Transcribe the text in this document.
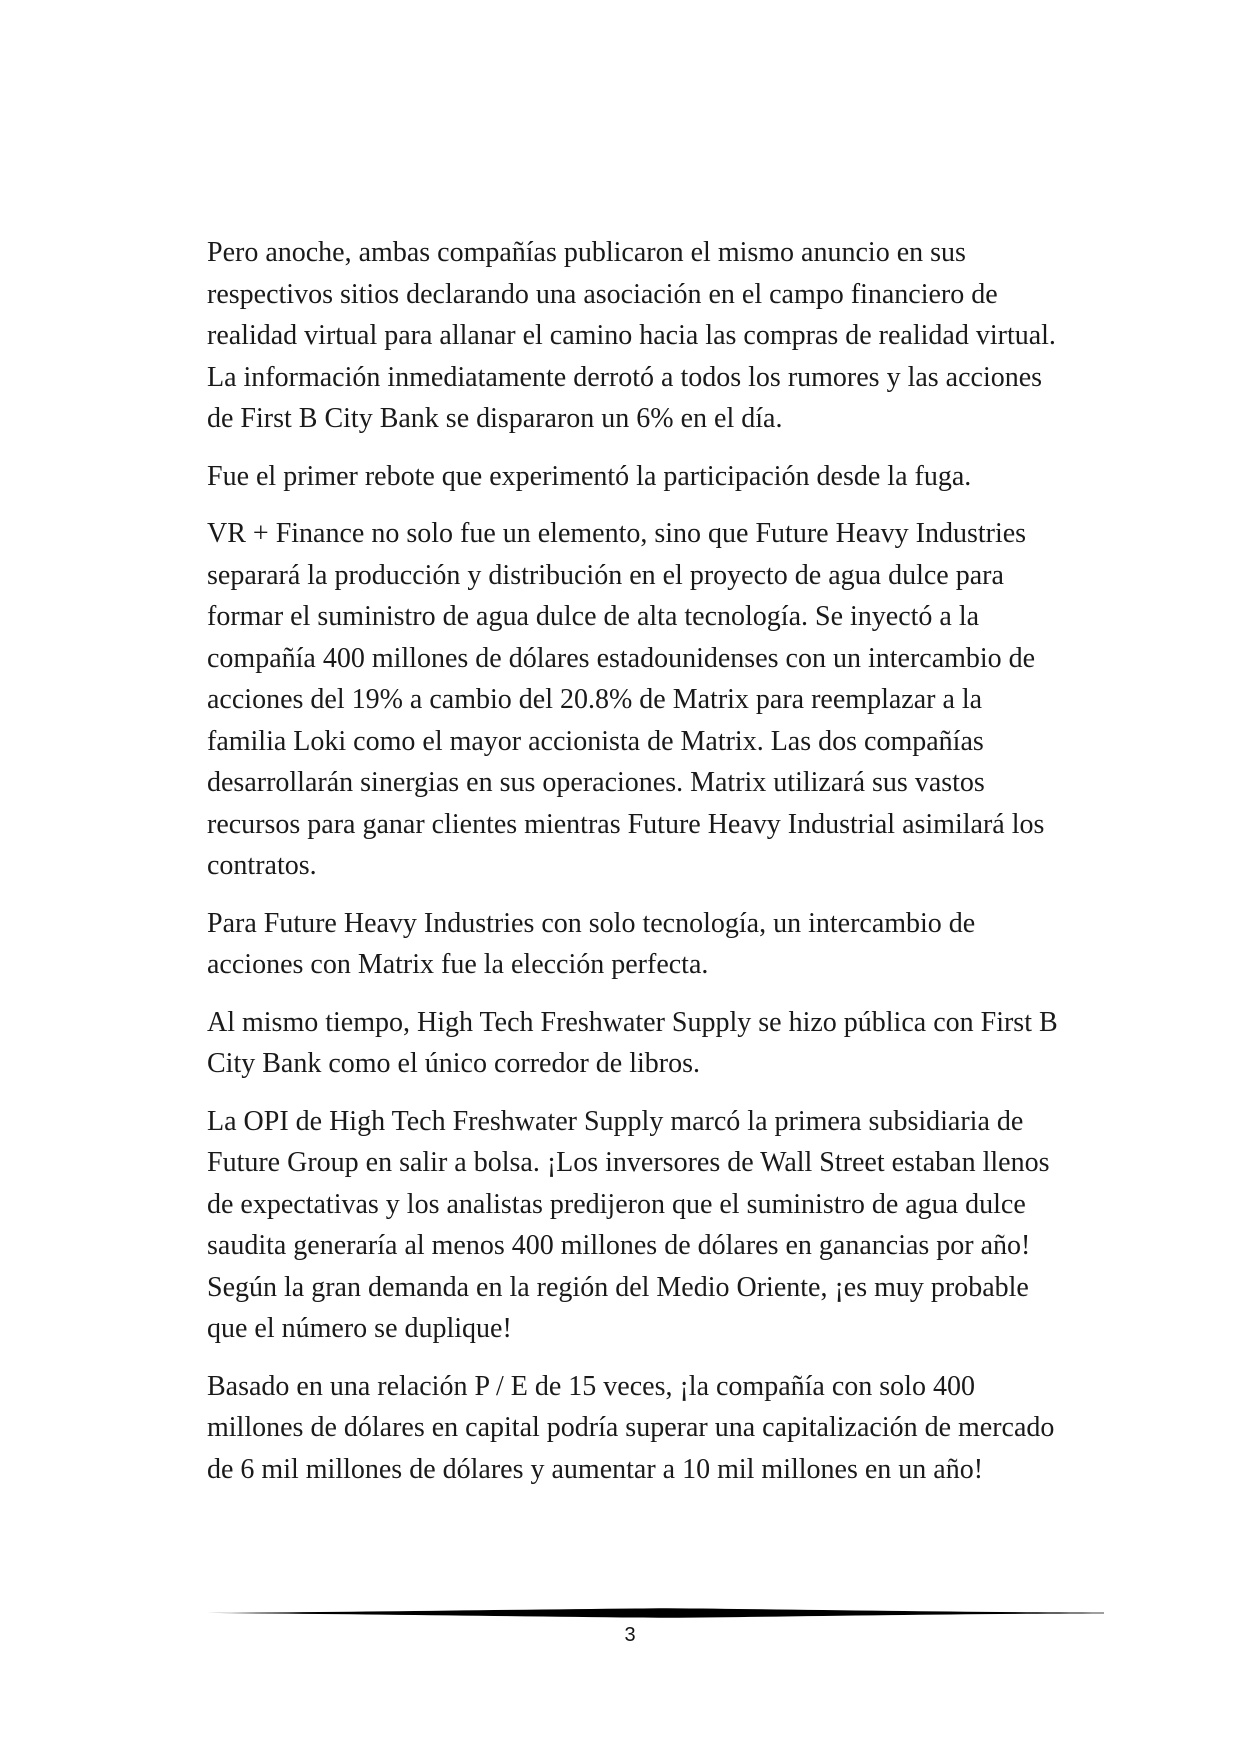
Pero anoche, ambas compañías publicaron el mismo anuncio en sus respectivos sitios declarando una asociación en el campo financiero de realidad virtual para allanar el camino hacia las compras de realidad virtual. La información inmediatamente derrotó a todos los rumores y las acciones de First B City Bank se dispararon un 6% en el día.

Fue el primer rebote que experimentó la participación desde la fuga.

VR + Finance no solo fue un elemento, sino que Future Heavy Industries separará la producción y distribución en el proyecto de agua dulce para formar el suministro de agua dulce de alta tecnología. Se inyectó a la compañía 400 millones de dólares estadounidenses con un intercambio de acciones del 19% a cambio del 20.8% de Matrix para reemplazar a la familia Loki como el mayor accionista de Matrix. Las dos compañías desarrollarán sinergias en sus operaciones. Matrix utilizará sus vastos recursos para ganar clientes mientras Future Heavy Industrial asimilará los contratos.

Para Future Heavy Industries con solo tecnología, un intercambio de acciones con Matrix fue la elección perfecta.

Al mismo tiempo, High Tech Freshwater Supply se hizo pública con First B City Bank como el único corredor de libros.

La OPI de High Tech Freshwater Supply marcó la primera subsidiaria de Future Group en salir a bolsa. ¡Los inversores de Wall Street estaban llenos de expectativas y los analistas predijeron que el suministro de agua dulce saudita generaría al menos 400 millones de dólares en ganancias por año! Según la gran demanda en la región del Medio Oriente, ¡es muy probable que el número se duplique!

Basado en una relación P / E de 15 veces, ¡la compañía con solo 400 millones de dólares en capital podría superar una capitalización de mercado de 6 mil millones de dólares y aumentar a 10 mil millones en un año!

3
